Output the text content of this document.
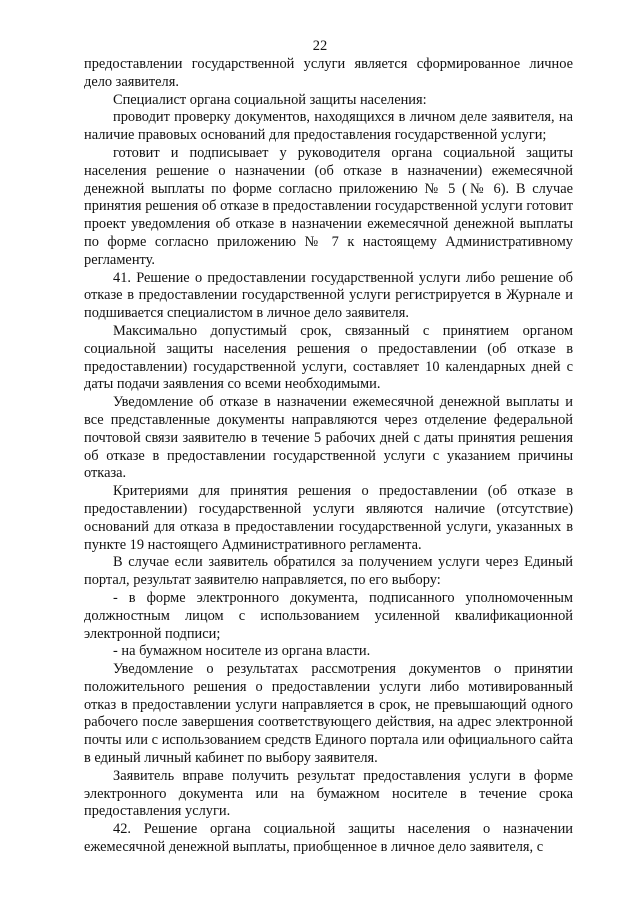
22

предоставлении государственной услуги является сформированное личное дело заявителя.

Специалист органа социальной защиты населения:

проводит проверку документов, находящихся в личном деле заявителя, на наличие правовых оснований для предоставления государственной услуги;

готовит и подписывает у руководителя органа социальной защиты населения решение о назначении (об отказе в назначении) ежемесячной денежной выплаты по форме согласно приложению № 5 (№ 6). В случае принятия решения об отказе в предоставлении государственной услуги готовит проект уведомления об отказе в назначении ежемесячной денежной выплаты по форме согласно приложению № 7 к настоящему Административному регламенту.

41. Решение о предоставлении государственной услуги либо решение об отказе в предоставлении государственной услуги регистрируется в Журнале и подшивается специалистом в личное дело заявителя.

Максимально допустимый срок, связанный с принятием органом социальной защиты населения решения о предоставлении (об отказе в предоставлении) государственной услуги, составляет 10 календарных дней с даты подачи заявления со всеми необходимыми.

Уведомление об отказе в назначении ежемесячной денежной выплаты и все представленные документы направляются через отделение федеральной почтовой связи заявителю в течение 5 рабочих дней с даты принятия решения об отказе в предоставлении государственной услуги с указанием причины отказа.

Критериями для принятия решения о предоставлении (об отказе в предоставлении) государственной услуги являются наличие (отсутствие) оснований для отказа в предоставлении государственной услуги, указанных в пункте 19 настоящего Административного регламента.

В случае если заявитель обратился за получением услуги через Единый портал, результат заявителю направляется, по его выбору:

- в форме электронного документа, подписанного уполномоченным должностным лицом с использованием усиленной квалификационной электронной подписи;

- на бумажном носителе из органа власти.

Уведомление о результатах рассмотрения документов о принятии положительного решения о предоставлении услуги либо мотивированный отказ в предоставлении услуги направляется в срок, не превышающий одного рабочего после завершения соответствующего действия, на адрес электронной почты или с использованием средств Единого портала или официального сайта в единый личный кабинет по выбору заявителя.

Заявитель вправе получить результат предоставления услуги в форме электронного документа или на бумажном носителе в течение срока предоставления услуги.

42. Решение органа социальной защиты населения о назначении ежемесячной денежной выплаты, приобщенное в личное дело заявителя, с
